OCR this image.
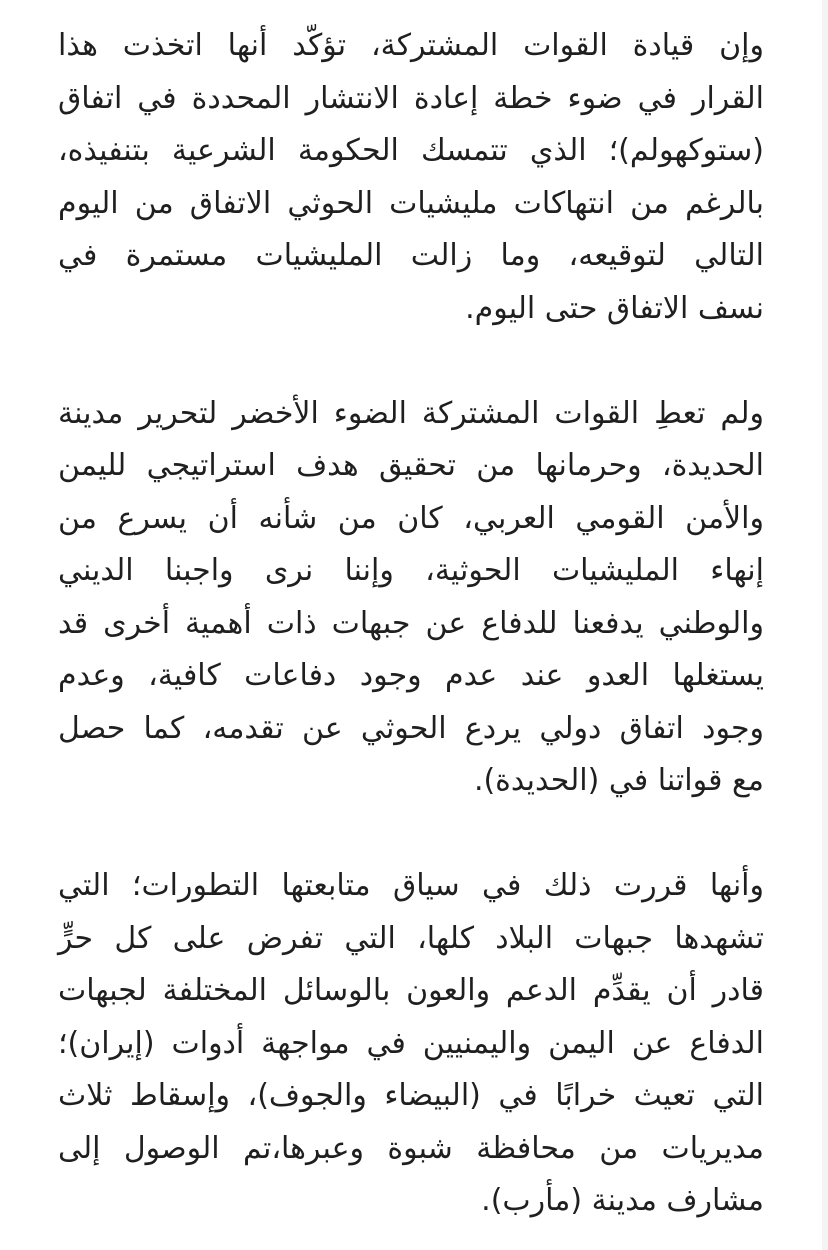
وإن قيادة القوات المشتركة، تؤكّد أنها اتخذت هذا
القرار في ضوء خطة إعادة الانتشار المحددة في اتفاق
(ستوكهولم)؛ الذي تتمسك الحكومة الشرعية بتنفيذه،
بالرغم من انتهاكات مليشيات الحوثي الاتفاق من اليوم
التالي لتوقيعه، وما زالت المليشيات مستمرة في
نسف الاتفاق حتى اليوم.
ولم تعطِ القوات المشتركة الضوء الأخضر لتحرير مدينة
الحديدة، وحرمانها من تحقيق هدف استراتيجي لليمن
والأمن القومي العربي، كان من شأنه أن يسرع من
إنهاء المليشيات الحوثية، وإننا نرى واجبنا الديني
والوطني يدفعنا للدفاع عن جبهات ذات أهمية أخرى قد
يستغلها العدو عند عدم وجود دفاعات كافية، وعدم
وجود اتفاق دولي يردع الحوثي عن تقدمه، كما حصل
مع قواتنا في (الحديدة).
وأنها قررت ذلك في سياق متابعتها التطورات؛ التي
تشهدها جبهات البلاد كلها، التي تفرض على كل حرٍّ
قادر أن يقدِّم الدعم والعون بالوسائل المختلفة لجبهات
الدفاع عن اليمن واليمنيين في مواجهة أدوات (إيران)؛
التي تعيث خرابًا في (البيضاء والجوف)، وإسقاط ثلاث
مديريات من محافظة شبوة وعبرها،تم الوصول إلى
مشارف مدينة (مأرب).
